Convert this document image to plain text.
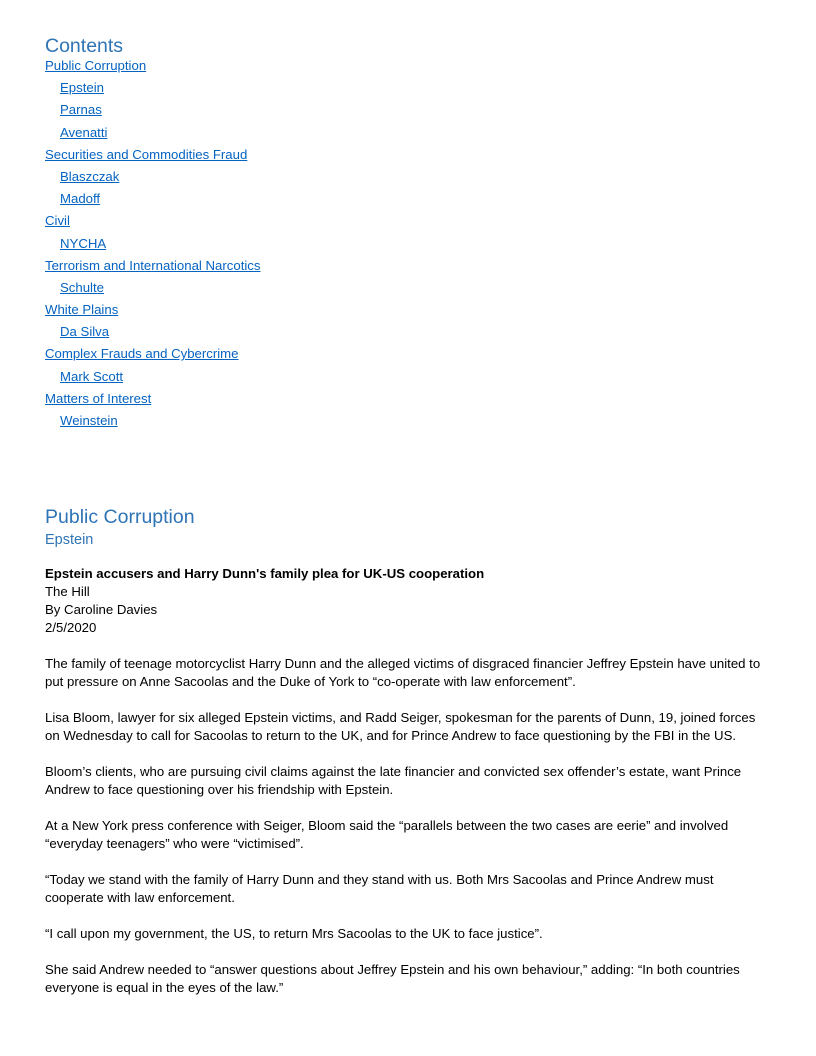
Contents
Public Corruption
Epstein
Parnas
Avenatti
Securities and Commodities Fraud
Blaszczak
Madoff
Civil
NYCHA
Terrorism and International Narcotics
Schulte
White Plains
Da Silva
Complex Frauds and Cybercrime
Mark Scott
Matters of Interest
Weinstein
Public Corruption
Epstein
Epstein accusers and Harry Dunn's family plea for UK-US cooperation
The Hill
By Caroline Davies
2/5/2020

The family of teenage motorcyclist Harry Dunn and the alleged victims of disgraced financier Jeffrey Epstein have united to put pressure on Anne Sacoolas and the Duke of York to “co-operate with law enforcement”.

Lisa Bloom, lawyer for six alleged Epstein victims, and Radd Seiger, spokesman for the parents of Dunn, 19, joined forces on Wednesday to call for Sacoolas to return to the UK, and for Prince Andrew to face questioning by the FBI in the US.

Bloom’s clients, who are pursuing civil claims against the late financier and convicted sex offender’s estate, want Prince Andrew to face questioning over his friendship with Epstein.

At a New York press conference with Seiger, Bloom said the “parallels between the two cases are eerie” and involved “everyday teenagers” who were “victimised”.

“Today we stand with the family of Harry Dunn and they stand with us. Both Mrs Sacoolas and Prince Andrew must cooperate with law enforcement.

“I call upon my government, the US, to return Mrs Sacoolas to the UK to face justice”.

She said Andrew needed to “answer questions about Jeffrey Epstein and his own behaviour,” adding: “In both countries everyone is equal in the eyes of the law.”
